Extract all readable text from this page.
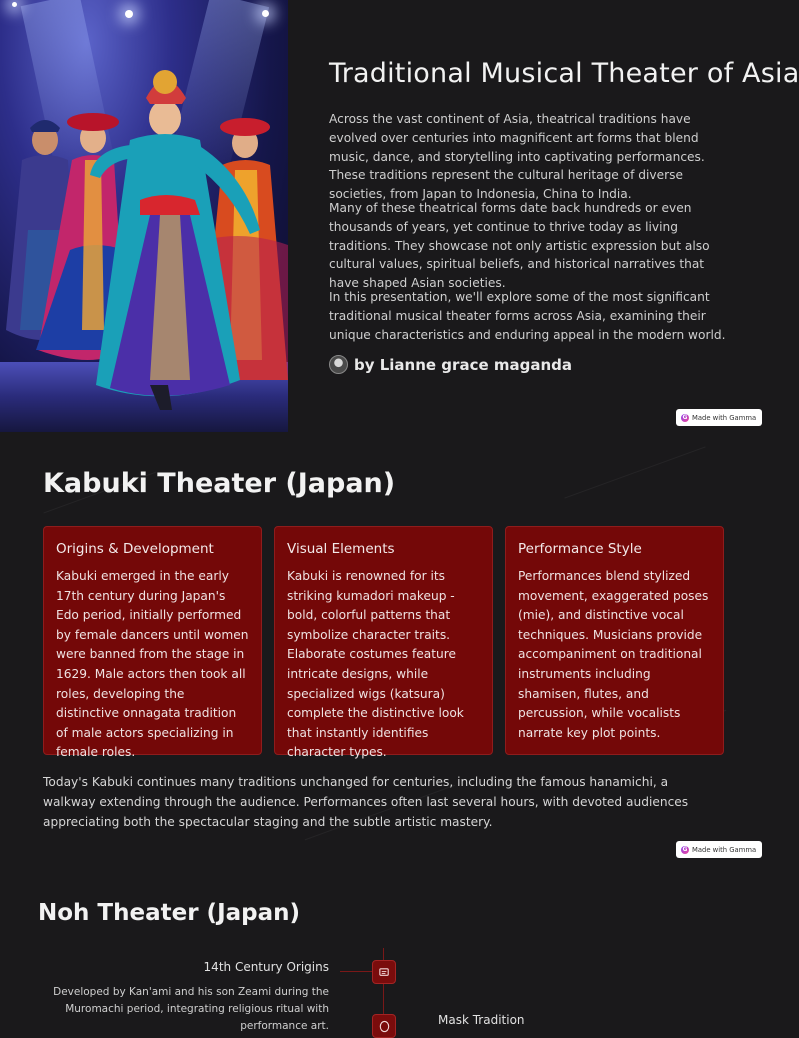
Traditional Musical Theater of Asia

Across the vast continent of Asia, theatrical traditions have evolved over centuries into magnificent art forms that blend music, dance, and storytelling into captivating performances. These traditions represent the cultural heritage of diverse societies, from Japan to Indonesia, China to India.

Many of these theatrical forms date back hundreds or even thousands of years, yet continue to thrive today as living traditions. They showcase not only artistic expression but also cultural values, spiritual beliefs, and historical narratives that have shaped Asian societies.

In this presentation, we'll explore some of the most significant traditional musical theater forms across Asia, examining their unique characteristics and enduring appeal in the modern world.

by Lianne grace maganda
G Made with Gamma
Kabuki Theater (Japan)
Origins & Development

Kabuki emerged in the early 17th century during Japan's Edo period, initially performed by female dancers until women were banned from the stage in 1629. Male actors then took all roles, developing the distinctive onnagata tradition of male actors specializing in female roles.

Visual Elements

Kabuki is renowned for its striking kumadori makeup - bold, colorful patterns that symbolize character traits. Elaborate costumes feature intricate designs, while specialized wigs (katsura) complete the distinctive look that instantly identifies character types.

Performance Style

Performances blend stylized movement, exaggerated poses (mie), and distinctive vocal techniques. Musicians provide accompaniment on traditional instruments including shamisen, flutes, and percussion, while vocalists narrate key plot points.

Today's Kabuki continues many traditions unchanged for centuries, including the famous hanamichi, a walkway extending through the audience. Performances often last several hours, with devoted audiences appreciating both the spectacular staging and the subtle artistic mastery.

G Made with Gamma
Noh Theater (Japan)
14th Century Origins

Developed by Kan'ami and his son Zeami during the Muromachi period, integrating religious ritual with performance art.	Mask Tradition
